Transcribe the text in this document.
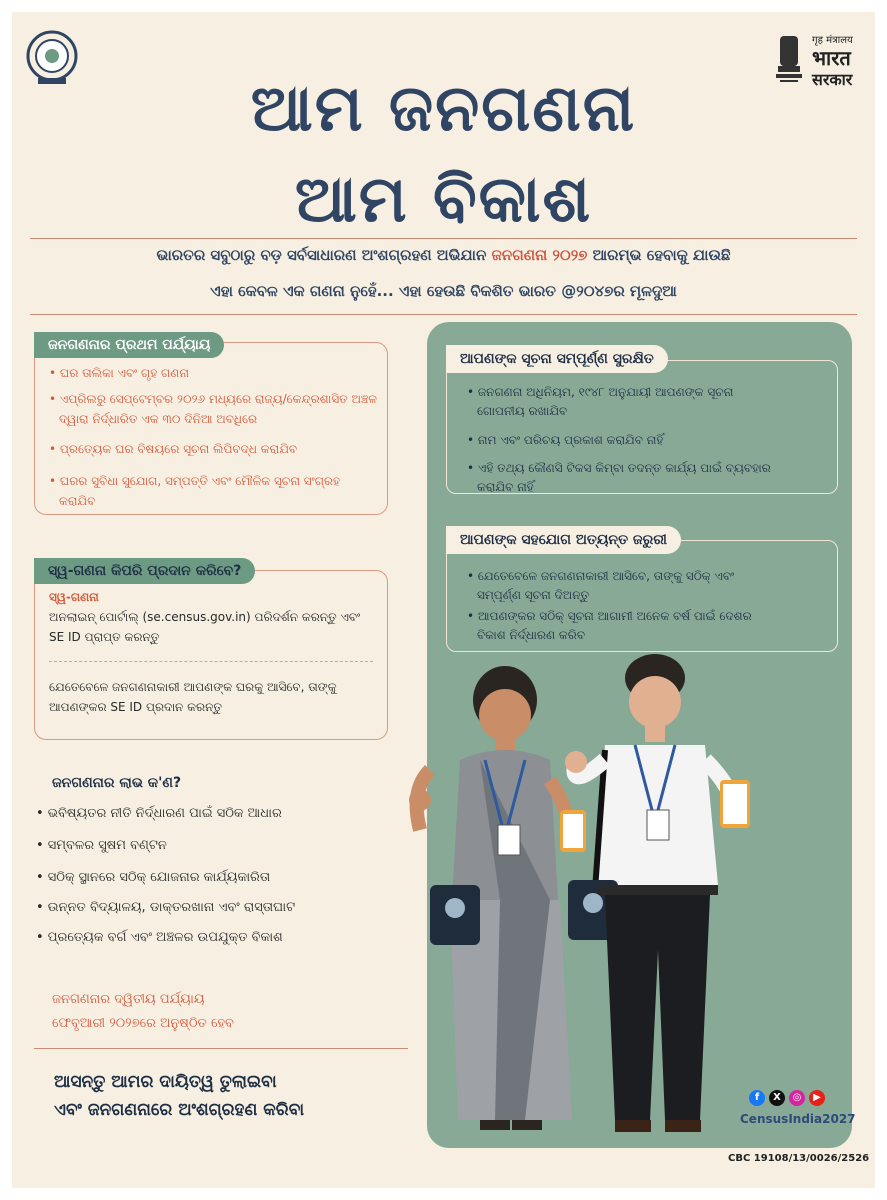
गृह मंत्रालय
भारत
सरकार
ଆମ ଜନଗଣନା
ଆମ ବିକାଶ
ଭାରତର ସବୁଠାରୁ ବଡ଼ ସର୍ବସାଧାରଣ ଅଂଶଗ୍ରହଣ ଅଭିଯାନ ଜନଗଣନା ୨୦୨୭ ଆରମ୍ଭ ହେବାକୁ ଯାଉଛି
ଏହା କେବଳ ଏକ ଗଣନା ନୁହେଁ... ଏହା ହେଉଛି ବିକଶିତ ଭାରତ @୨୦୪୭ର ମୂଳଦୁଆ
• ଘର ତାଲିକା ଏବଂ ଗୃହ ଗଣନା
• ଏପ୍ରିଲରୁ ସେପ୍ଟେମ୍ବର ୨୦୨୬ ମଧ୍ୟରେ ରାଜ୍ୟ/କେନ୍ଦ୍ରଶାସିତ ଅଞ୍ଚଳ
ଦ୍ୱାରା ନିର୍ଦ୍ଧାରିତ ଏକ ୩୦ ଦିନିଆ ଅବଧିରେ
• ପ୍ରତ୍ୟେକ ଘର ବିଷୟରେ ସୂଚନା ଲିପିବଦ୍ଧ କରାଯିବ
• ଘରର ସୁବିଧା ସୁଯୋଗ, ସମ୍ପତ୍ତି ଏବଂ ମୌଳିକ ସୂଚନା ସଂଗ୍ରହ
କରାଯିବ
ଜନଗଣନାର ପ୍ରଥମ ପର୍ଯ୍ୟାୟ
ସ୍ୱ-ଗଣନା
ଅନଲାଇନ୍ ପୋର୍ଟାଲ୍ (se.census.gov.in) ପରିଦର୍ଶନ କରନ୍ତୁ ଏବଂ
SE ID ପ୍ରାପ୍ତ କରନ୍ତୁ
ଯେତେବେଳେ ଜନଗଣନାକାରୀ ଆପଣଙ୍କ ଘରକୁ ଆସିବେ, ତାଙ୍କୁ
ଆପଣଙ୍କର SE ID ପ୍ରଦାନ କରନ୍ତୁ
ସ୍ୱ-ଗଣନା କିପରି ପ୍ରଦାନ କରିବେ?
ଜନଗଣନାର ଲାଭ କ'ଣ?
• ଭବିଷ୍ୟତର ନୀତି ନିର୍ଦ୍ଧାରଣ ପାଇଁ ସଠିକ ଆଧାର
• ସମ୍ବଳର ସୁଷମ ବଣ୍ଟନ
• ସଠିକ୍ ସ୍ଥାନରେ ସଠିକ୍ ଯୋଜନାର କାର୍ଯ୍ୟକାରିତା
• ଉନ୍ନତ ବିଦ୍ୟାଳୟ, ଡାକ୍ତରଖାନା ଏବଂ ରାସ୍ତାଘାଟ
• ପ୍ରତ୍ୟେକ ବର୍ଗ ଏବଂ ଅଞ୍ଚଳର ଉପଯୁକ୍ତ ବିକାଶ
ଜନଗଣନାର ଦ୍ୱିତୀୟ ପର୍ଯ୍ୟାୟ
ଫେବୃଆରୀ ୨୦୨୭ରେ ଅନୁଷ୍ଠିତ ହେବ
ଆସନ୍ତୁ ଆମର ଦାୟିତ୍ୱ ତୁଲାଇବା
ଏବଂ ଜନଗଣନାରେ ଅଂଶଗ୍ରହଣ କରିବା
• ଜନଗଣନା ଅଧିନିୟମ, ୧୯୪୮ ଅନୁଯାୟୀ ଆପଣଙ୍କ ସୂଚନା
ଗୋପନୀୟ ରଖାଯିବ
• ନାମ ଏବଂ ପରିଚୟ ପ୍ରକାଶ କରାଯିବ ନାହିଁ
• ଏହି ତଥ୍ୟ କୌଣସି ଟିକସ କିମ୍ବା ତଦନ୍ତ କାର୍ଯ୍ୟ ପାଇଁ ବ୍ୟବହାର
କରାଯିବ ନାହିଁ
ଆପଣଙ୍କ ସୂଚନା ସମ୍ପୂର୍ଣ୍ଣ ସୁରକ୍ଷିତ
• ଯେତେବେଳେ ଜନଗଣନାକାରୀ ଆସିବେ, ତାଙ୍କୁ ସଠିକ୍ ଏବଂ
ସମ୍ପୂର୍ଣ୍ଣ ସୂଚନା ଦିଅନ୍ତୁ
• ଆପଣଙ୍କର ସଠିକ୍ ସୂଚନା ଆଗାମୀ ଅନେକ ବର୍ଷ ପାଇଁ ଦେଶର
ବିକାଶ ନିର୍ଦ୍ଧାରଣ କରିବ
ଆପଣଙ୍କ ସହଯୋଗ ଅତ୍ୟନ୍ତ ଜରୁରୀ
f	X	◎	▶
CensusIndia2027
CBC 19108/13/0026/2526
